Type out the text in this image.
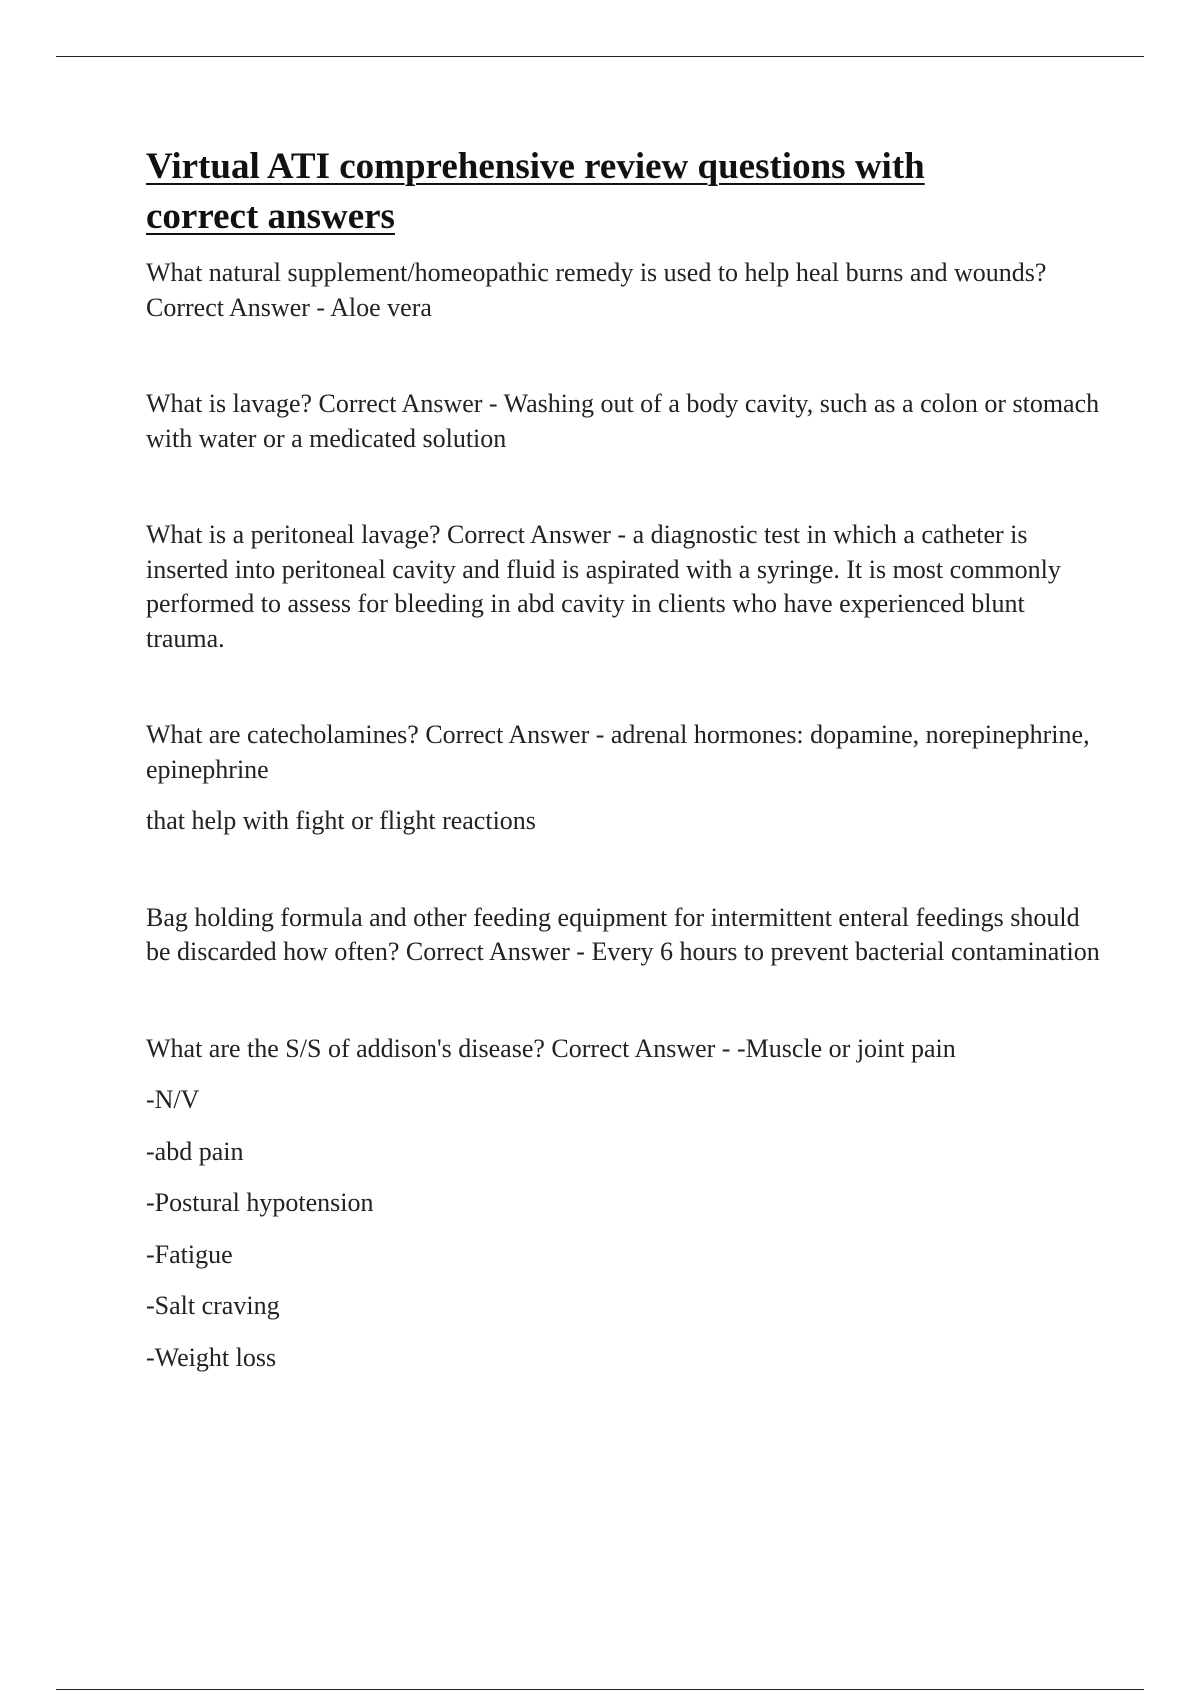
Virtual ATI comprehensive review questions with
correct answers

What natural supplement/homeopathic remedy is used to help heal burns and wounds? Correct Answer - Aloe vera

What is lavage? Correct Answer - Washing out of a body cavity, such as a colon or stomach with water or a medicated solution

What is a peritoneal lavage? Correct Answer - a diagnostic test in which a catheter is inserted into peritoneal cavity and fluid is aspirated with a syringe. It is most commonly performed to assess for bleeding in abd cavity in clients who have experienced blunt trauma.

What are catecholamines? Correct Answer - adrenal hormones: dopamine, norepinephrine, epinephrine

that help with fight or flight reactions

Bag holding formula and other feeding equipment for intermittent enteral feedings should be discarded how often? Correct Answer - Every 6 hours to prevent bacterial contamination

What are the S/S of addison's disease? Correct Answer - -Muscle or joint pain

-N/V

-abd pain

-Postural hypotension

-Fatigue

-Salt craving

-Weight loss
